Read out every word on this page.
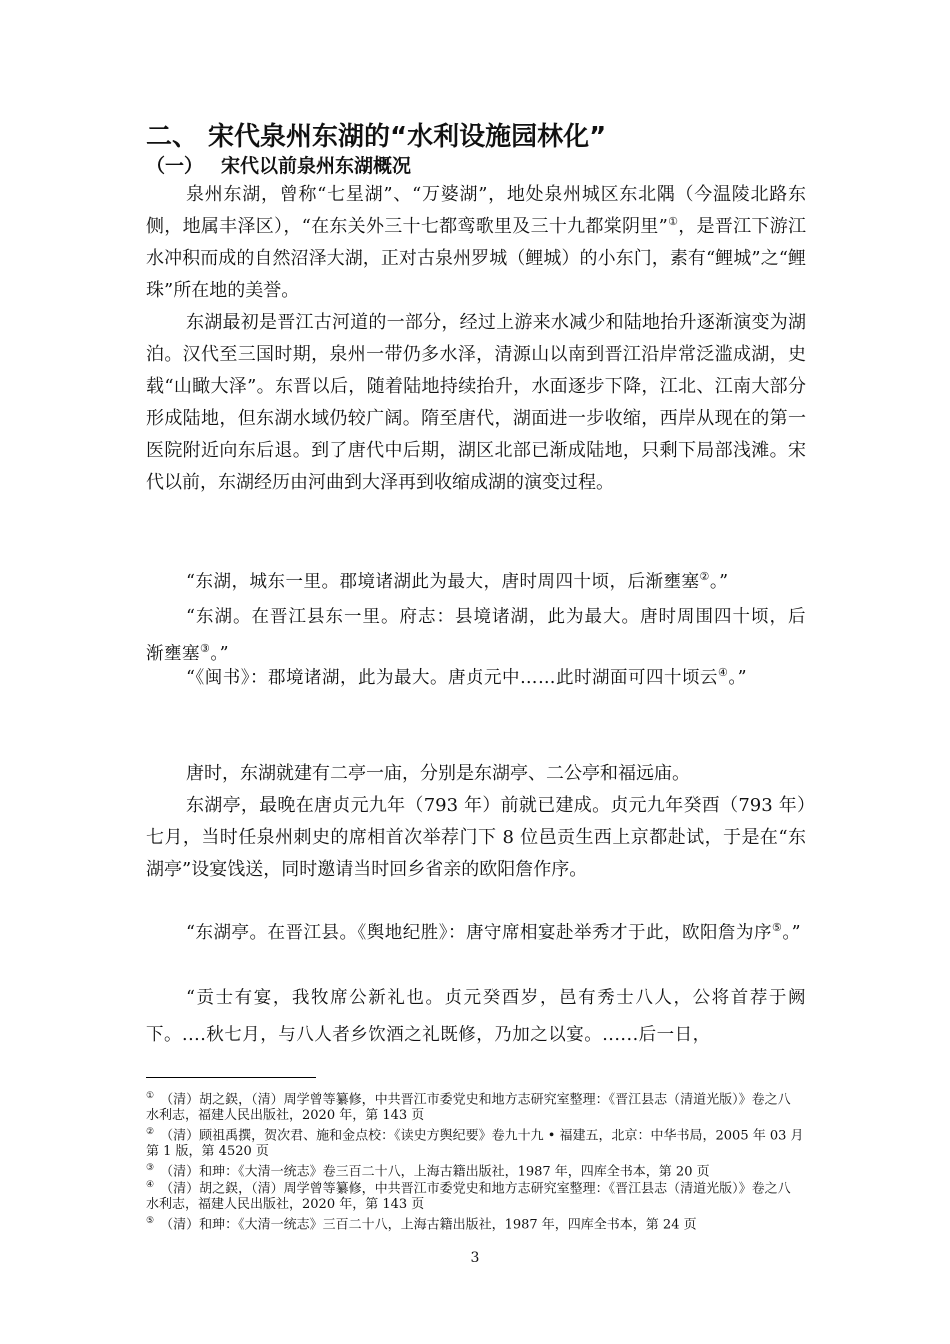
二、 宋代泉州东湖的“水利设施园林化”
（一） 宋代以前泉州东湖概况

泉州东湖，曾称“七星湖”、“万婆湖”，地处泉州城区东北隅（今温陵北路东侧，地属丰泽区），“在东关外三十七都鸾歌里及三十九都棠阴里”①，是晋江下游江水冲积而成的自然沼泽大湖，正对古泉州罗城（鲤城）的小东门，素有“鲤城”之“鲤珠”所在地的美誉。

东湖最初是晋江古河道的一部分，经过上游来水减少和陆地抬升逐渐演变为湖泊。汉代至三国时期，泉州一带仍多水泽，清源山以南到晋江沿岸常泛滥成湖，史载“山瞰大泽”。东晋以后，随着陆地持续抬升，水面逐步下降，江北、江南大部分形成陆地，但东湖水域仍较广阔。隋至唐代，湖面进一步收缩，西岸从现在的第一医院附近向东后退。到了唐代中后期，湖区北部已渐成陆地，只剩下局部浅滩。宋代以前，东湖经历由河曲到大泽再到收缩成湖的演变过程。

“东湖，城东一里。郡境诸湖此为最大，唐时周四十顷，后渐壅塞②。”

“东湖。在晋江县东一里。府志：县境诸湖，此为最大。唐时周围四十顷，后渐壅塞③。”

“《闽书》：郡境诸湖，此为最大。唐贞元中……此时湖面可四十顷云④。”

唐时，东湖就建有二亭一庙，分别是东湖亭、二公亭和福远庙。

东湖亭，最晚在唐贞元九年（793 年）前就已建成。贞元九年癸酉（793 年）七月，当时任泉州刺史的席相首次举荐门下 8 位邑贡生西上京都赴试，于是在“东湖亭”设宴饯送，同时邀请当时回乡省亲的欧阳詹作序。

“东湖亭。在晋江县。《舆地纪胜》：唐守席相宴赴举秀才于此，欧阳詹为序⑤。”

“贡士有宴，我牧席公新礼也。贞元癸酉岁，邑有秀士八人，公将首荐于阙下。....秋七月，与八人者乡饮酒之礼既修，乃加之以宴。......后一日，

① （清）胡之鋘，（清）周学曾等纂修，中共晋江市委党史和地方志研究室整理：《晋江县志（清道光版）》卷之八 水利志，福建人民出版社，2020 年，第 143 页

② （清）顾祖禹撰，贺次君、施和金点校：《读史方舆纪要》卷九十九 • 福建五，北京：中华书局，2005 年 03 月第 1 版，第 4520 页

③ （清）和珅：《大清一统志》卷三百二十八，上海古籍出版社，1987 年，四库全书本，第 20 页

④ （清）胡之鋘，（清）周学曾等纂修，中共晋江市委党史和地方志研究室整理：《晋江县志（清道光版）》卷之八 水利志，福建人民出版社，2020 年，第 143 页

⑤ （清）和珅：《大清一统志》三百二十八，上海古籍出版社，1987 年，四库全书本，第 24 页

3
